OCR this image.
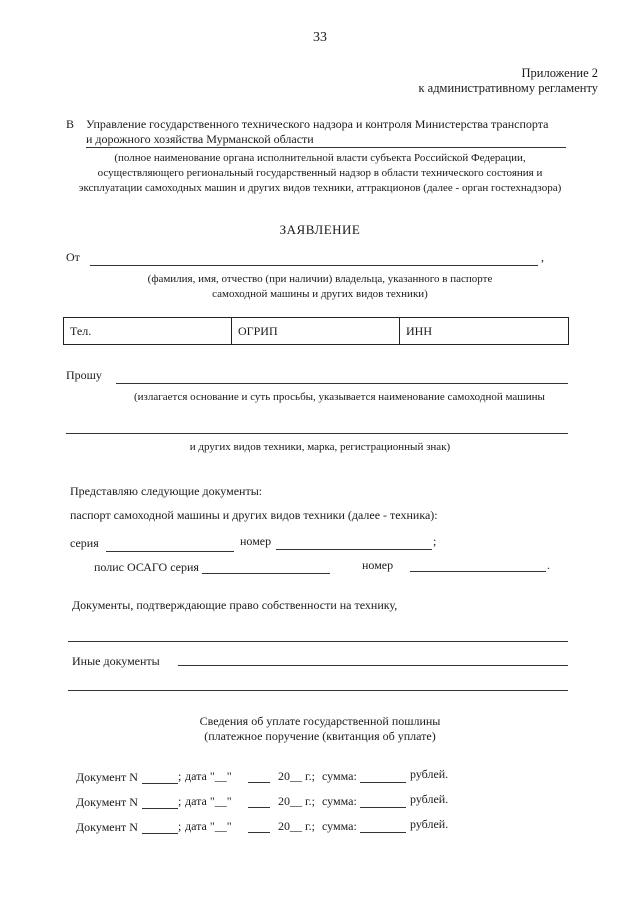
33
Приложение 2
к административному регламенту
В Управление государственного технического надзора и контроля Министерства транспорта
и дорожного хозяйства Мурманской области
(полное наименование органа исполнительной власти субъекта Российской Федерации,
осуществляющего региональный государственный надзор в области технического состояния и
эксплуатации самоходных машин и других видов техники, аттракционов (далее - орган гостехнадзора)
ЗАЯВЛЕНИЕ
От	,
(фамилия, имя, отчество (при наличии) владельца, указанного в паспорте
самоходной машины и других видов техники)
Тел.	ОГРИП	ИНН
Прошу
(излагается основание и суть просьбы, указывается наименование самоходной машины
и других видов техники, марка, регистрационный знак)
Представляю следующие документы:
паспорт самоходной машины и других видов техники (далее - техника):
серия	номер	;
полис ОСАГО серия	номер	.
Документы, подтверждающие право собственности на технику,
Иные документы
Сведения об уплате государственной пошлины
(платежное поручение (квитанция об уплате)
Документ N	; дата "__"	20__ г.; сумма:	рублей.
Документ N	; дата "__"	20__ г.; сумма:	рублей.
Документ N	; дата "__"	20__ г.; сумма:	рублей.
